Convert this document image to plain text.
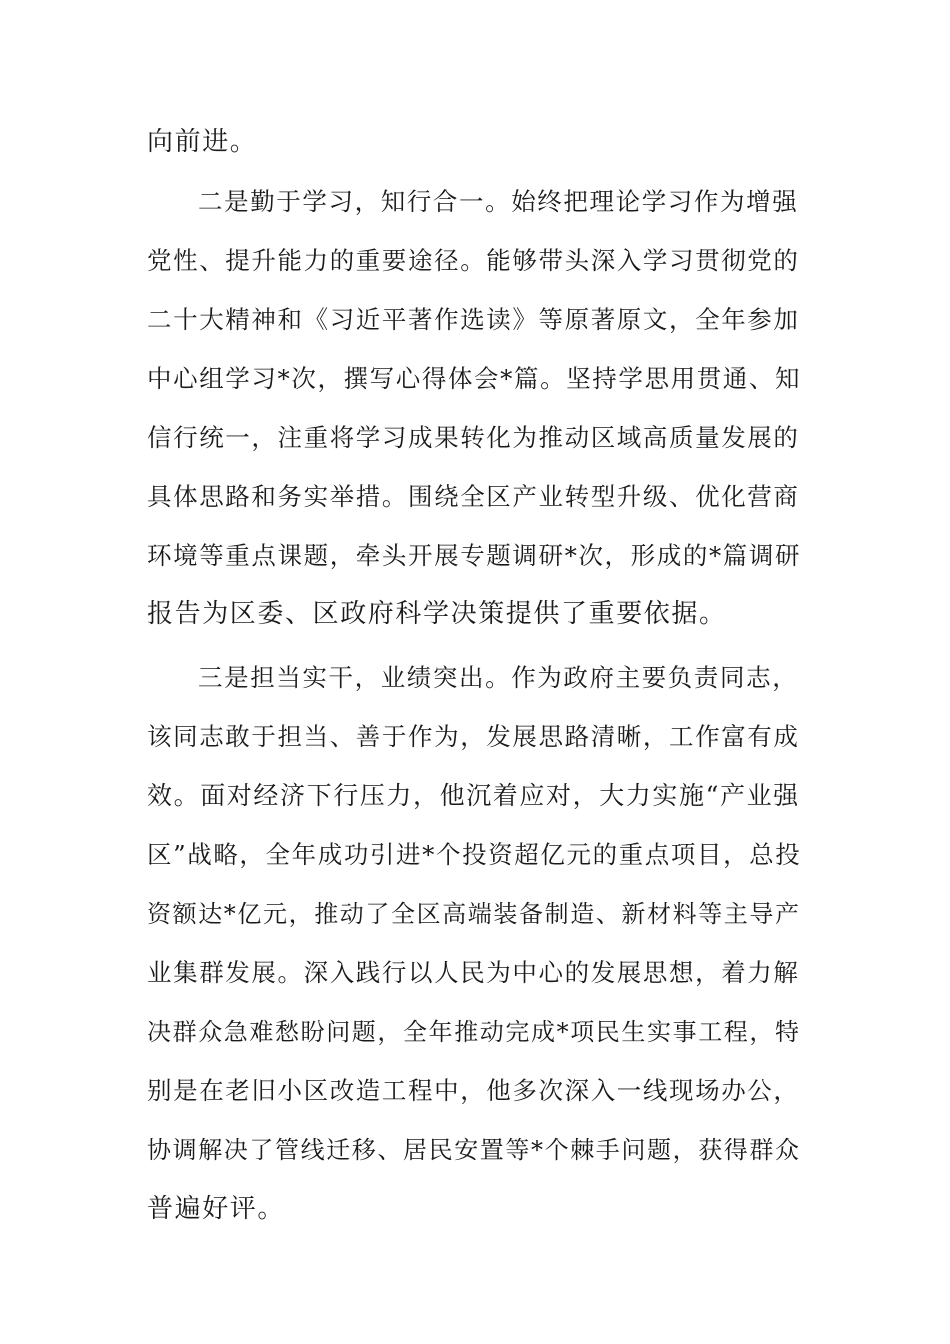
向前进。
二是勤于学习，知行合一。始终把理论学习作为增强
党性、提升能力的重要途径。能够带头深入学习贯彻党的
二十大精神和《习近平著作选读》等原著原文，全年参加
中心组学习*次，撰写心得体会*篇。坚持学思用贯通、知
信行统一，注重将学习成果转化为推动区域高质量发展的
具体思路和务实举措。围绕全区产业转型升级、优化营商
环境等重点课题，牵头开展专题调研*次，形成的*篇调研
报告为区委、区政府科学决策提供了重要依据。
三是担当实干，业绩突出。作为政府主要负责同志，
该同志敢于担当、善于作为，发展思路清晰，工作富有成
效。面对经济下行压力，他沉着应对，大力实施“产业强
区”战略，全年成功引进*个投资超亿元的重点项目，总投
资额达*亿元，推动了全区高端装备制造、新材料等主导产
业集群发展。深入践行以人民为中心的发展思想，着力解
决群众急难愁盼问题，全年推动完成*项民生实事工程，特
别是在老旧小区改造工程中，他多次深入一线现场办公，
协调解决了管线迁移、居民安置等*个棘手问题，获得群众
普遍好评。
